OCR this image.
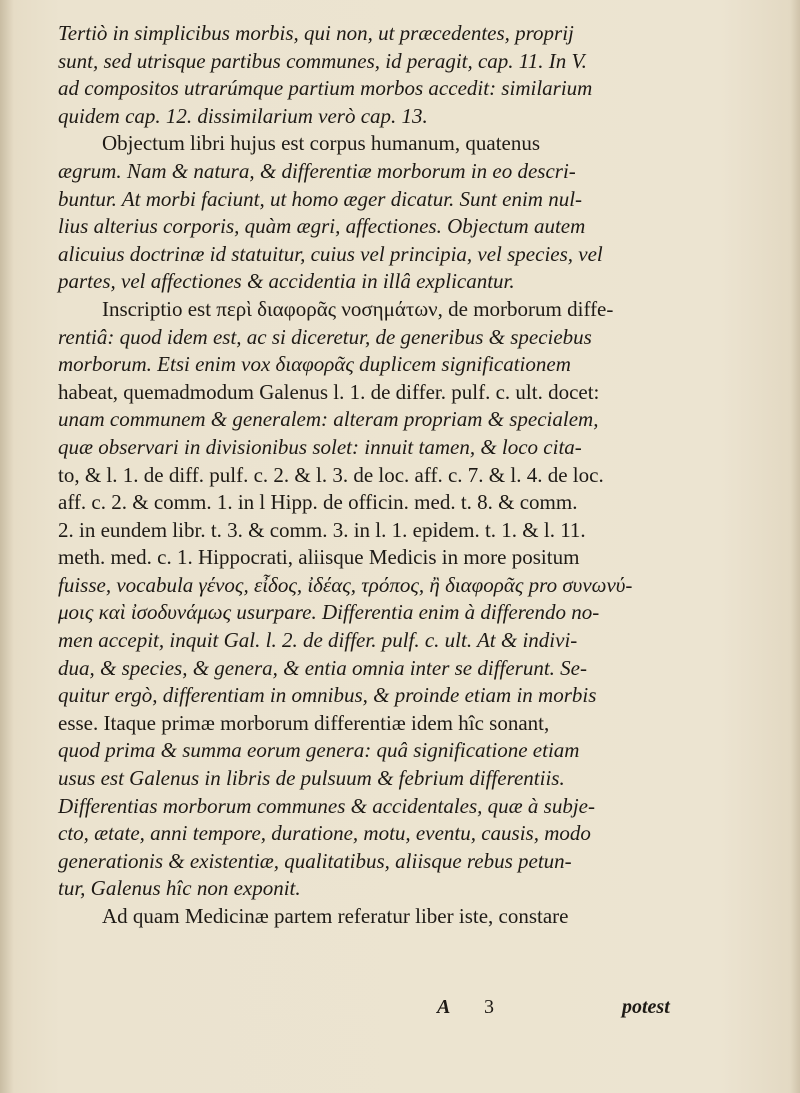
Tertiò in simplicibus morbis, qui non, ut præcedentes, proprij
sunt, sed utrisque partibus communes, id peragit, cap. 11. In V.
ad compositos utrarúmque partium morbos accedit: similarium
quidem cap. 12. dissimilarium verò cap. 13.
Objectum libri hujus est corpus humanum, quatenus
ægrum. Nam & natura, & differentiæ morborum in eo descri-
buntur. At morbi faciunt, ut homo æger dicatur. Sunt enim nul-
lius alterius corporis, quàm ægri, affectiones. Objectum autem
alicuius doctrinæ id statuitur, cuius vel principia, vel species, vel
partes, vel affectiones & accidentia in illâ explicantur.
Inscriptio est περὶ διαφορᾶς νοσημάτων, de morborum diffe-
rentiâ: quod idem est, ac si diceretur, de generibus & speciebus
morborum. Etsi enim vox διαφορᾶς duplicem significationem
habeat, quemadmodum Galenus l. 1. de differ. pulf. c. ult. docet:
unam communem & generalem: alteram propriam & specialem,
quæ observari in divisionibus solet: innuit tamen, & loco cita-
to, & l. 1. de diff. pulf. c. 2. & l. 3. de loc. aff. c. 7. & l. 4. de loc.
aff. c. 2. & comm. 1. in l Hipp. de officin. med. t. 8. & comm.
2. in eundem libr. t. 3. & comm. 3. in l. 1. epidem. t. 1. & l. 11.
meth. med. c. 1. Hippocrati, aliisque Medicis in more positum
fuisse, vocabula γένος, εἶδος, ἰδέας, τρόπος, ἢ διαφορᾶς pro συνωνύ-
μοις καὶ ἰσοδυνάμως usurpare. Differentia enim à differendo no-
men accepit, inquit Gal. l. 2. de differ. pulf. c. ult. At & indivi-
dua, & species, & genera, & entia omnia inter se differunt. Se-
quitur ergò, differentiam in omnibus, & proinde etiam in morbis
esse. Itaque primæ morborum differentiæ idem hîc sonant,
quod prima & summa eorum genera: quâ significatione etiam
usus est Galenus in libris de pulsuum & febrium differentiis.
Differentias morborum communes & accidentales, quæ à subje-
cto, ætate, anni tempore, duratione, motu, eventu, causis, modo
generationis & existentiæ, qualitatibus, aliisque rebus petun-
tur, Galenus hîc non exponit.
Ad quam Medicinæ partem referatur liber iste, constare
A 3	potest
